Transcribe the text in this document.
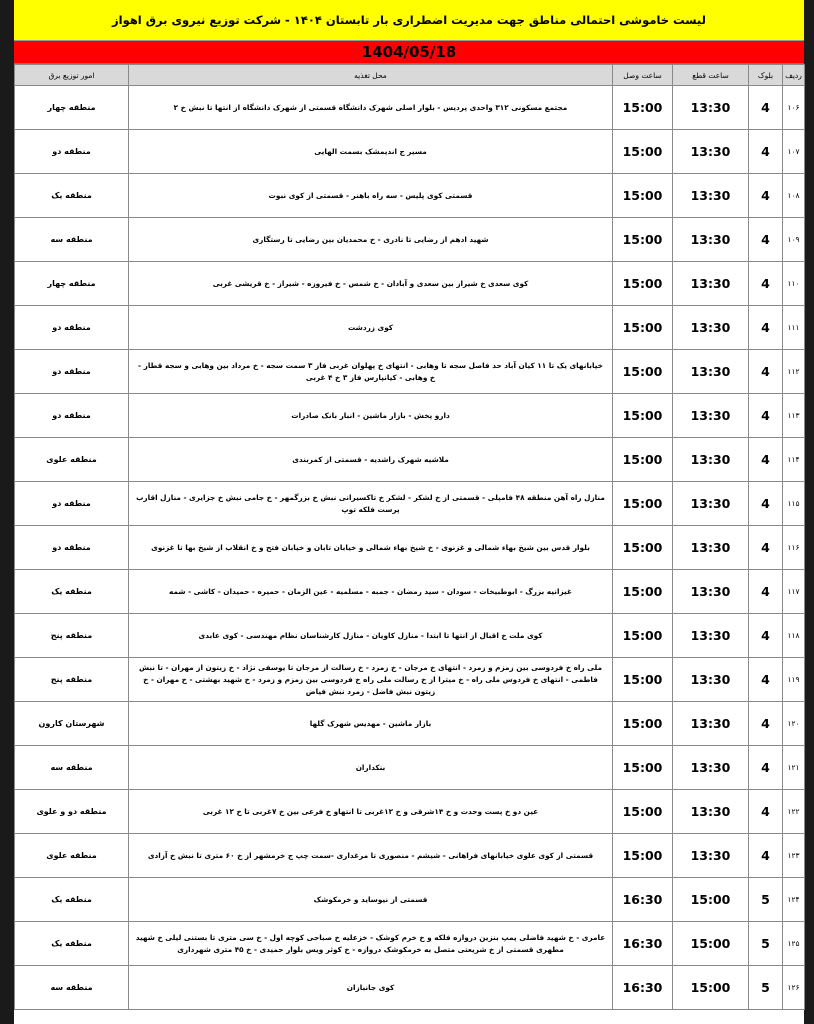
لیست خاموشی احتمالی مناطق جهت مدیریت اضطراری بار تابستان ۱۴۰۴ - شرکت توزیع نیروی برق اهواز
1404/05/18
ردیف	بلوک	ساعت قطع	ساعت وصل	محل تغذیه	امور توزیع برق
۱۰۶	4	13:30	15:00	مجتمع مسکونی ۳۱۲ واحدی پردیس - بلوار اصلی شهرک دانشگاه قسمتی از شهرک دانشگاه از انتها تا نبش خ ۲	منطقه چهار
۱۰۷	4	13:30	15:00	مسیر ج اندیمشک بسمت الهایی	منطقه دو
۱۰۸	4	13:30	15:00	قسمتی کوی پلیس - سه راه باهنر - قسمتی از کوی نبوت	منطقه یک
۱۰۹	4	13:30	15:00	شهید ادهم از رضایی تا نادری - خ محمدیان بین رضایی تا رستگاری	منطقه سه
۱۱۰	4	13:30	15:00	کوی سعدی خ شیراز بین سعدی و آبادان - خ شمس - خ فیروزه - شیراز - خ قریشی غربی	منطقه چهار
۱۱۱	4	13:30	15:00	کوی زردشت	منطقه دو
۱۱۲	4	13:30	15:00	خیابانهای یک تا ۱۱ کیان آباد حد فاصل سجه تا وهابی - انتهای خ پهلوان غربی فاز ۳ سمت سجه - خ مرداد بین وهابی و سجه قطار - خ وهابی - کیانپارس فاز ۳ خ ۴ غربی	منطقه دو
۱۱۳	4	13:30	15:00	دارو پخش - بازار ماشین - انبار بانک صادرات	منطقه دو
۱۱۴	4	13:30	15:00	ملاشیه شهرک راشدیه - قسمتی از کمربندی	منطقه علوی
۱۱۵	4	13:30	15:00	منازل راه آهن منطقه ۴۸ فامیلی - قسمتی از خ لشکر - لشکر خ تاکسیرانی نبش خ بزرگمهر - خ جامی نبش خ جزایری - منازل اقارب پرست فلکه توپ	منطقه دو
۱۱۶	4	13:30	15:00	بلوار قدس بین شیخ بهاء شمالی و غزنوی - خ شیخ بهاء شمالی و خیابان تابان و خیابان فتح و خ انقلاب از شیخ بها تا غزنوی	منطقه دو
۱۱۷	4	13:30	15:00	غیزانیه بزرگ - ابوطبیخات - سودان - سید رمضان - جمبه - مسلمیه - عین الزمان - حمیره - حمیدان - کاشی - شمه	منطقه یک
۱۱۸	4	13:30	15:00	کوی ملت خ اقبال از انتها تا ابتدا - منازل کاویان - منازل کارشناسان نظام مهندسی - کوی عابدی	منطقه پنج
۱۱۹	4	13:30	15:00	ملی راه خ فردوسی بین زمزم و زمرد - انتهای خ مرجان - خ زمرد - خ رسالت از مرجان تا یوسفی نژاد - خ زیتون از مهران - تا نبش فاطمی - انتهای خ فردوس ملی راه - خ میترا از خ رسالت ملی راه خ فردوسی بین زمزم و زمرد - خ شهید بهشتی - خ مهران - خ زیتون نبش فاضل - زمرد نبش فیاض	منطقه پنج
۱۲۰	4	13:30	15:00	بازار ماشین - مهدیس شهرک گلها	شهرستان کارون
۱۲۱	4	13:30	15:00	بنکداران	منطقه سه
۱۲۲	4	13:30	15:00	عین دو خ پست وحدت و خ ۱۴شرقی و خ ۱۲غربی تا انتهاو خ فرعی بین خ ۷غربی تا خ ۱۲ غربی	منطقه دو و علوی
۱۲۳	4	13:30	15:00	قسمتی از کوی علوی خیابانهای فراهانی - شیشم - منصوری تا مرغداری -سمت چپ ج خرمشهر از خ ۶۰ متری تا نبش خ آزادی	منطقه علوی
۱۲۴	5	15:00	16:30	قسمتی از نیوساید و خرمکوشک	منطقه یک
۱۲۵	5	15:00	16:30	عامری - خ شهید فاضلی پمپ بنزین دروازه فلکه و خ خرم کوشک - خزعلیه خ صباحی کوچه اول - خ سی متری تا بستنی لیلی خ شهید مطهری قسمتی از خ شریعتی متصل به خرمکوشک دروازه - خ کوثر ویس بلوار حمیدی - خ ۴۵ متری شهرداری	منطقه یک
۱۲۶	5	15:00	16:30	کوی جانبازان	منطقه سه
